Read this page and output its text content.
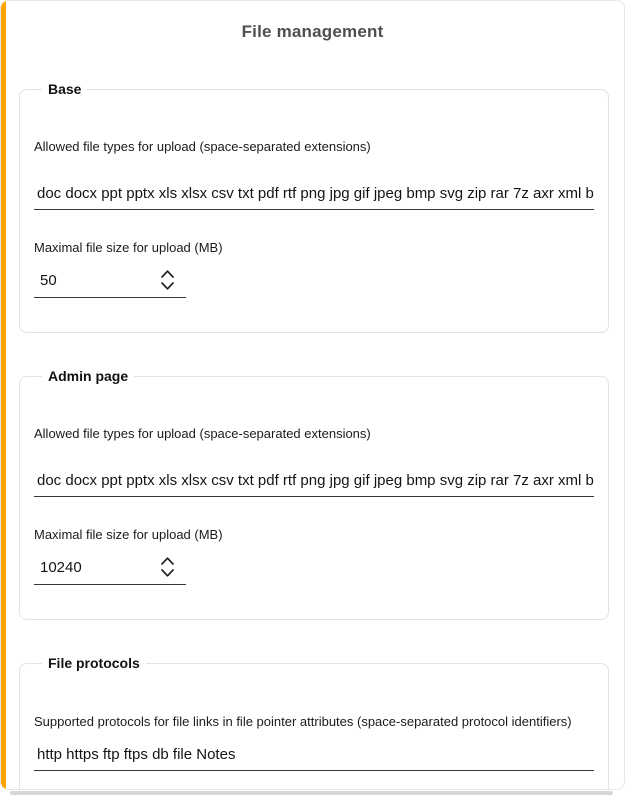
File management
Base
Allowed file types for upload (space-separated extensions)
doc docx ppt pptx xls xlsx csv txt pdf rtf png jpg gif jpeg bmp svg zip rar 7z axr xml bpmn
Maximal file size for upload (MB)
50
Admin page
Allowed file types for upload (space-separated extensions)
doc docx ppt pptx xls xlsx csv txt pdf rtf png jpg gif jpeg bmp svg zip rar 7z axr xml bpmn
Maximal file size for upload (MB)
10240
File protocols
Supported protocols for file links in file pointer attributes (space-separated protocol identifiers)
http https ftp ftps db file Notes
